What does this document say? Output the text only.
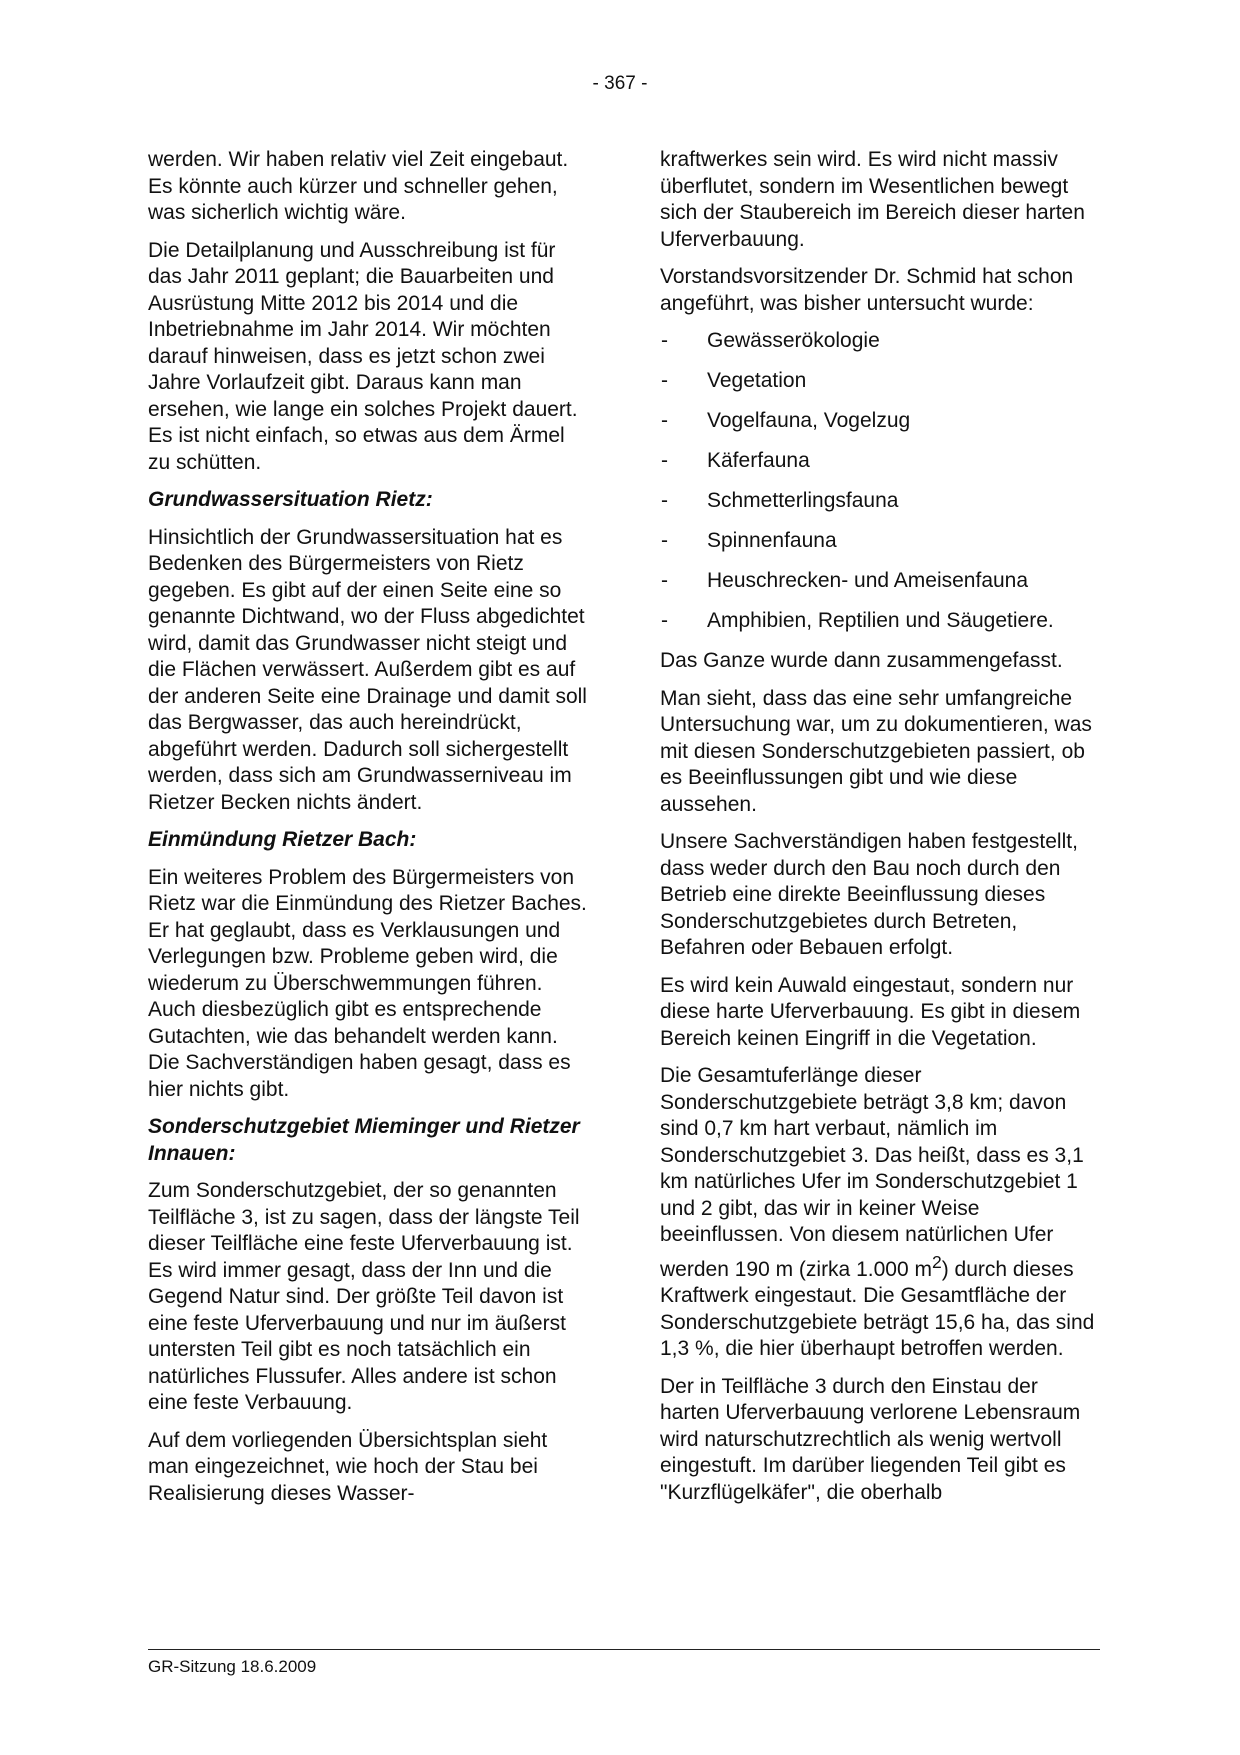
- 367 -

werden. Wir haben relativ viel Zeit eingebaut. Es könnte auch kürzer und schneller gehen, was sicherlich wichtig wäre.

Die Detailplanung und Ausschreibung ist für das Jahr 2011 geplant; die Bauarbeiten und Ausrüstung Mitte 2012 bis 2014 und die Inbetriebnahme im Jahr 2014. Wir möchten darauf hinweisen, dass es jetzt schon zwei Jahre Vorlaufzeit gibt. Daraus kann man ersehen, wie lange ein solches Projekt dauert. Es ist nicht einfach, so etwas aus dem Ärmel zu schütten.

Grundwassersituation Rietz:

Hinsichtlich der Grundwassersituation hat es Bedenken des Bürgermeisters von Rietz gegeben. Es gibt auf der einen Seite eine so genannte Dichtwand, wo der Fluss abgedichtet wird, damit das Grundwasser nicht steigt und die Flächen verwässert. Außerdem gibt es auf der anderen Seite eine Drainage und damit soll das Bergwasser, das auch hereindrückt, abgeführt werden. Dadurch soll sichergestellt werden, dass sich am Grundwasserniveau im Rietzer Becken nichts ändert.

Einmündung Rietzer Bach:

Ein weiteres Problem des Bürgermeisters von Rietz war die Einmündung des Rietzer Baches. Er hat geglaubt, dass es Verklausungen und Verlegungen bzw. Probleme geben wird, die wiederum zu Überschwemmungen führen. Auch diesbezüglich gibt es entsprechende Gutachten, wie das behandelt werden kann. Die Sachverständigen haben gesagt, dass es hier nichts gibt.

Sonderschutzgebiet Mieminger und Rietzer Innauen:

Zum Sonderschutzgebiet, der so genannten Teilfläche 3, ist zu sagen, dass der längste Teil dieser Teilfläche eine feste Uferverbauung ist. Es wird immer gesagt, dass der Inn und die Gegend Natur sind. Der größte Teil davon ist eine feste Uferverbauung und nur im äußerst untersten Teil gibt es noch tatsächlich ein natürliches Flussufer. Alles andere ist schon eine feste Verbauung.

Auf dem vorliegenden Übersichtsplan sieht man eingezeichnet, wie hoch der Stau bei Realisierung dieses Wasser-

kraftwerkes sein wird. Es wird nicht massiv überflutet, sondern im Wesentlichen bewegt sich der Staubereich im Bereich dieser harten Uferverbauung.

Vorstandsvorsitzender Dr. Schmid hat schon angeführt, was bisher untersucht wurde:

- Gewässerökologie
- Vegetation
- Vogelfauna, Vogelzug
- Käferfauna
- Schmetterlingsfauna
- Spinnenfauna
- Heuschrecken- und Ameisenfauna
- Amphibien, Reptilien und Säugetiere.

Das Ganze wurde dann zusammengefasst.

Man sieht, dass das eine sehr umfangreiche Untersuchung war, um zu dokumentieren, was mit diesen Sonderschutzgebieten passiert, ob es Beeinflussungen gibt und wie diese aussehen.

Unsere Sachverständigen haben festgestellt, dass weder durch den Bau noch durch den Betrieb eine direkte Beeinflussung dieses Sonderschutzgebietes durch Betreten, Befahren oder Bebauen erfolgt.

Es wird kein Auwald eingestaut, sondern nur diese harte Uferverbauung. Es gibt in diesem Bereich keinen Eingriff in die Vegetation.

Die Gesamtuferlänge dieser Sonderschutzgebiete beträgt 3,8 km; davon sind 0,7 km hart verbaut, nämlich im Sonderschutzgebiet 3. Das heißt, dass es 3,1 km natürliches Ufer im Sonderschutzgebiet 1 und 2 gibt, das wir in keiner Weise beeinflussen. Von diesem natürlichen Ufer werden 190 m (zirka 1.000 $m^2$) durch dieses Kraftwerk eingestaut. Die Gesamtfläche der Sonderschutzgebiete beträgt 15,6 ha, das sind 1,3 %, die hier überhaupt betroffen werden.

Der in Teilfläche 3 durch den Einstau der harten Uferverbauung verlorene Lebensraum wird naturschutzrechtlich als wenig wertvoll eingestuft. Im darüber liegenden Teil gibt es "Kurzflügelkäfer", die oberhalb

GR-Sitzung 18.6.2009
